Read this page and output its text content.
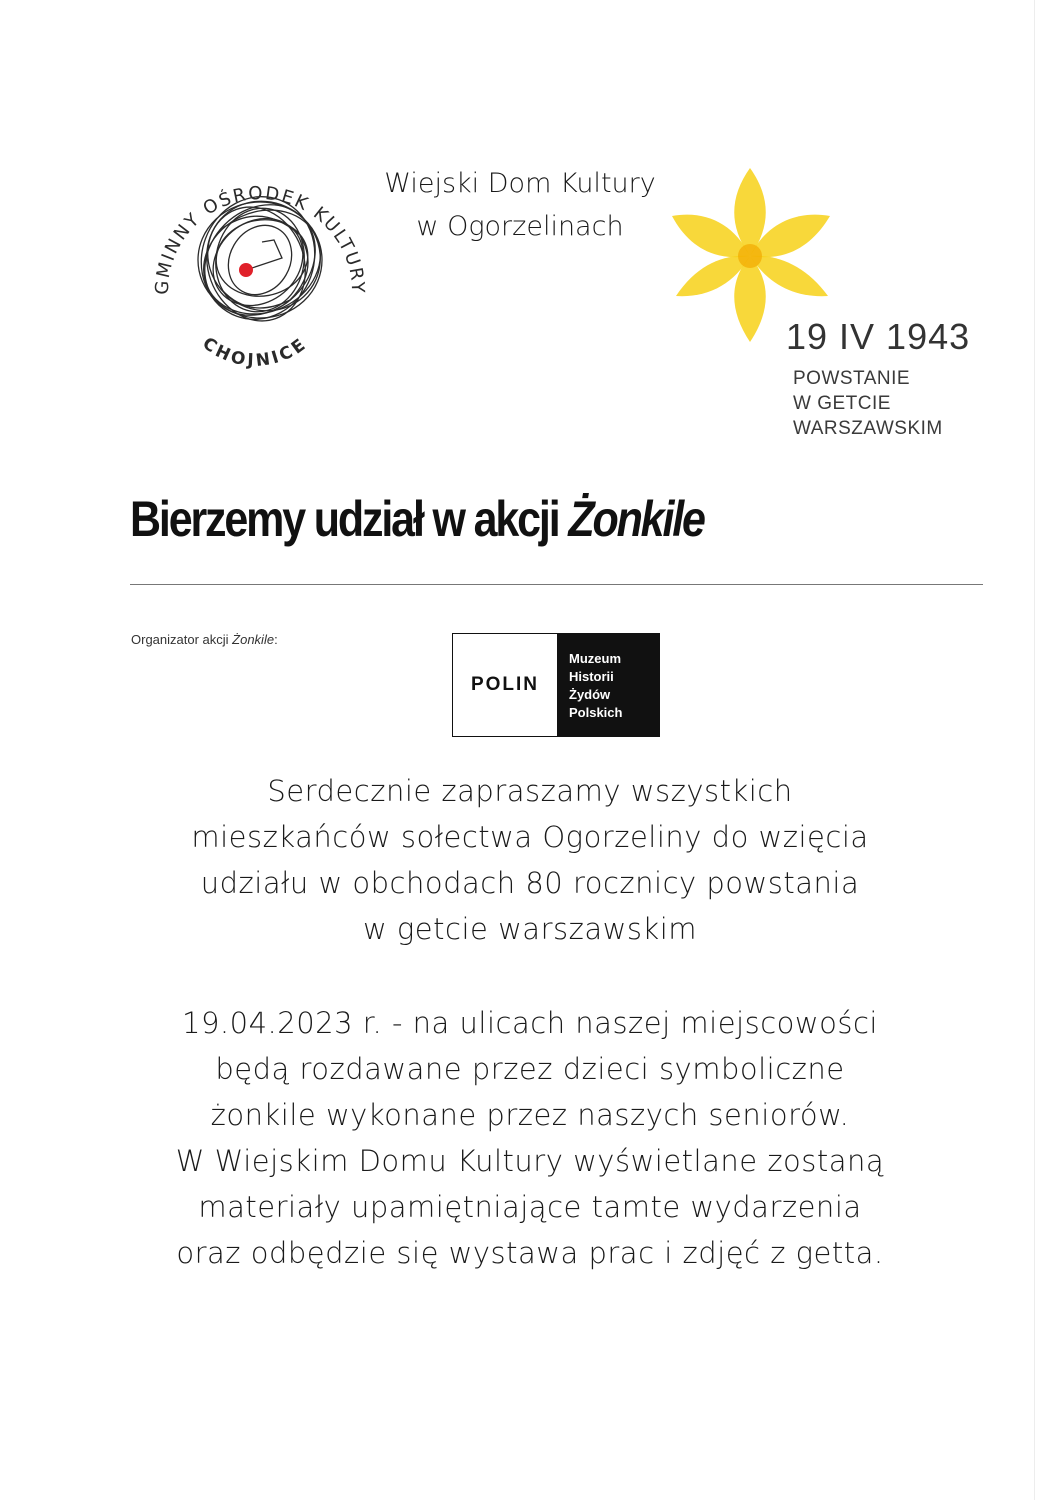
GMINNY OŚRODEK KULTURY
CHOJNICE
Wiejski Dom Kultury
w Ogorzelinach
19 IV 1943
POWSTANIE
W GETCIE
WARSZAWSKIM
Bierzemy udział w akcji Żonkile
Organizator akcji Żonkile:
POLIN
Muzeum
Historii
Żydów
Polskich
Serdecznie zapraszamy wszystkich
mieszkańców sołectwa Ogorzeliny do wzięcia
udziału w obchodach 80 rocznicy powstania
w getcie warszawskim
19.04.2023 r. - na ulicach naszej miejscowości
będą rozdawane przez dzieci symboliczne
żonkile wykonane przez naszych seniorów.
W Wiejskim Domu Kultury wyświetlane zostaną
materiały upamiętniające tamte wydarzenia
oraz odbędzie się wystawa prac i zdjęć z getta.
